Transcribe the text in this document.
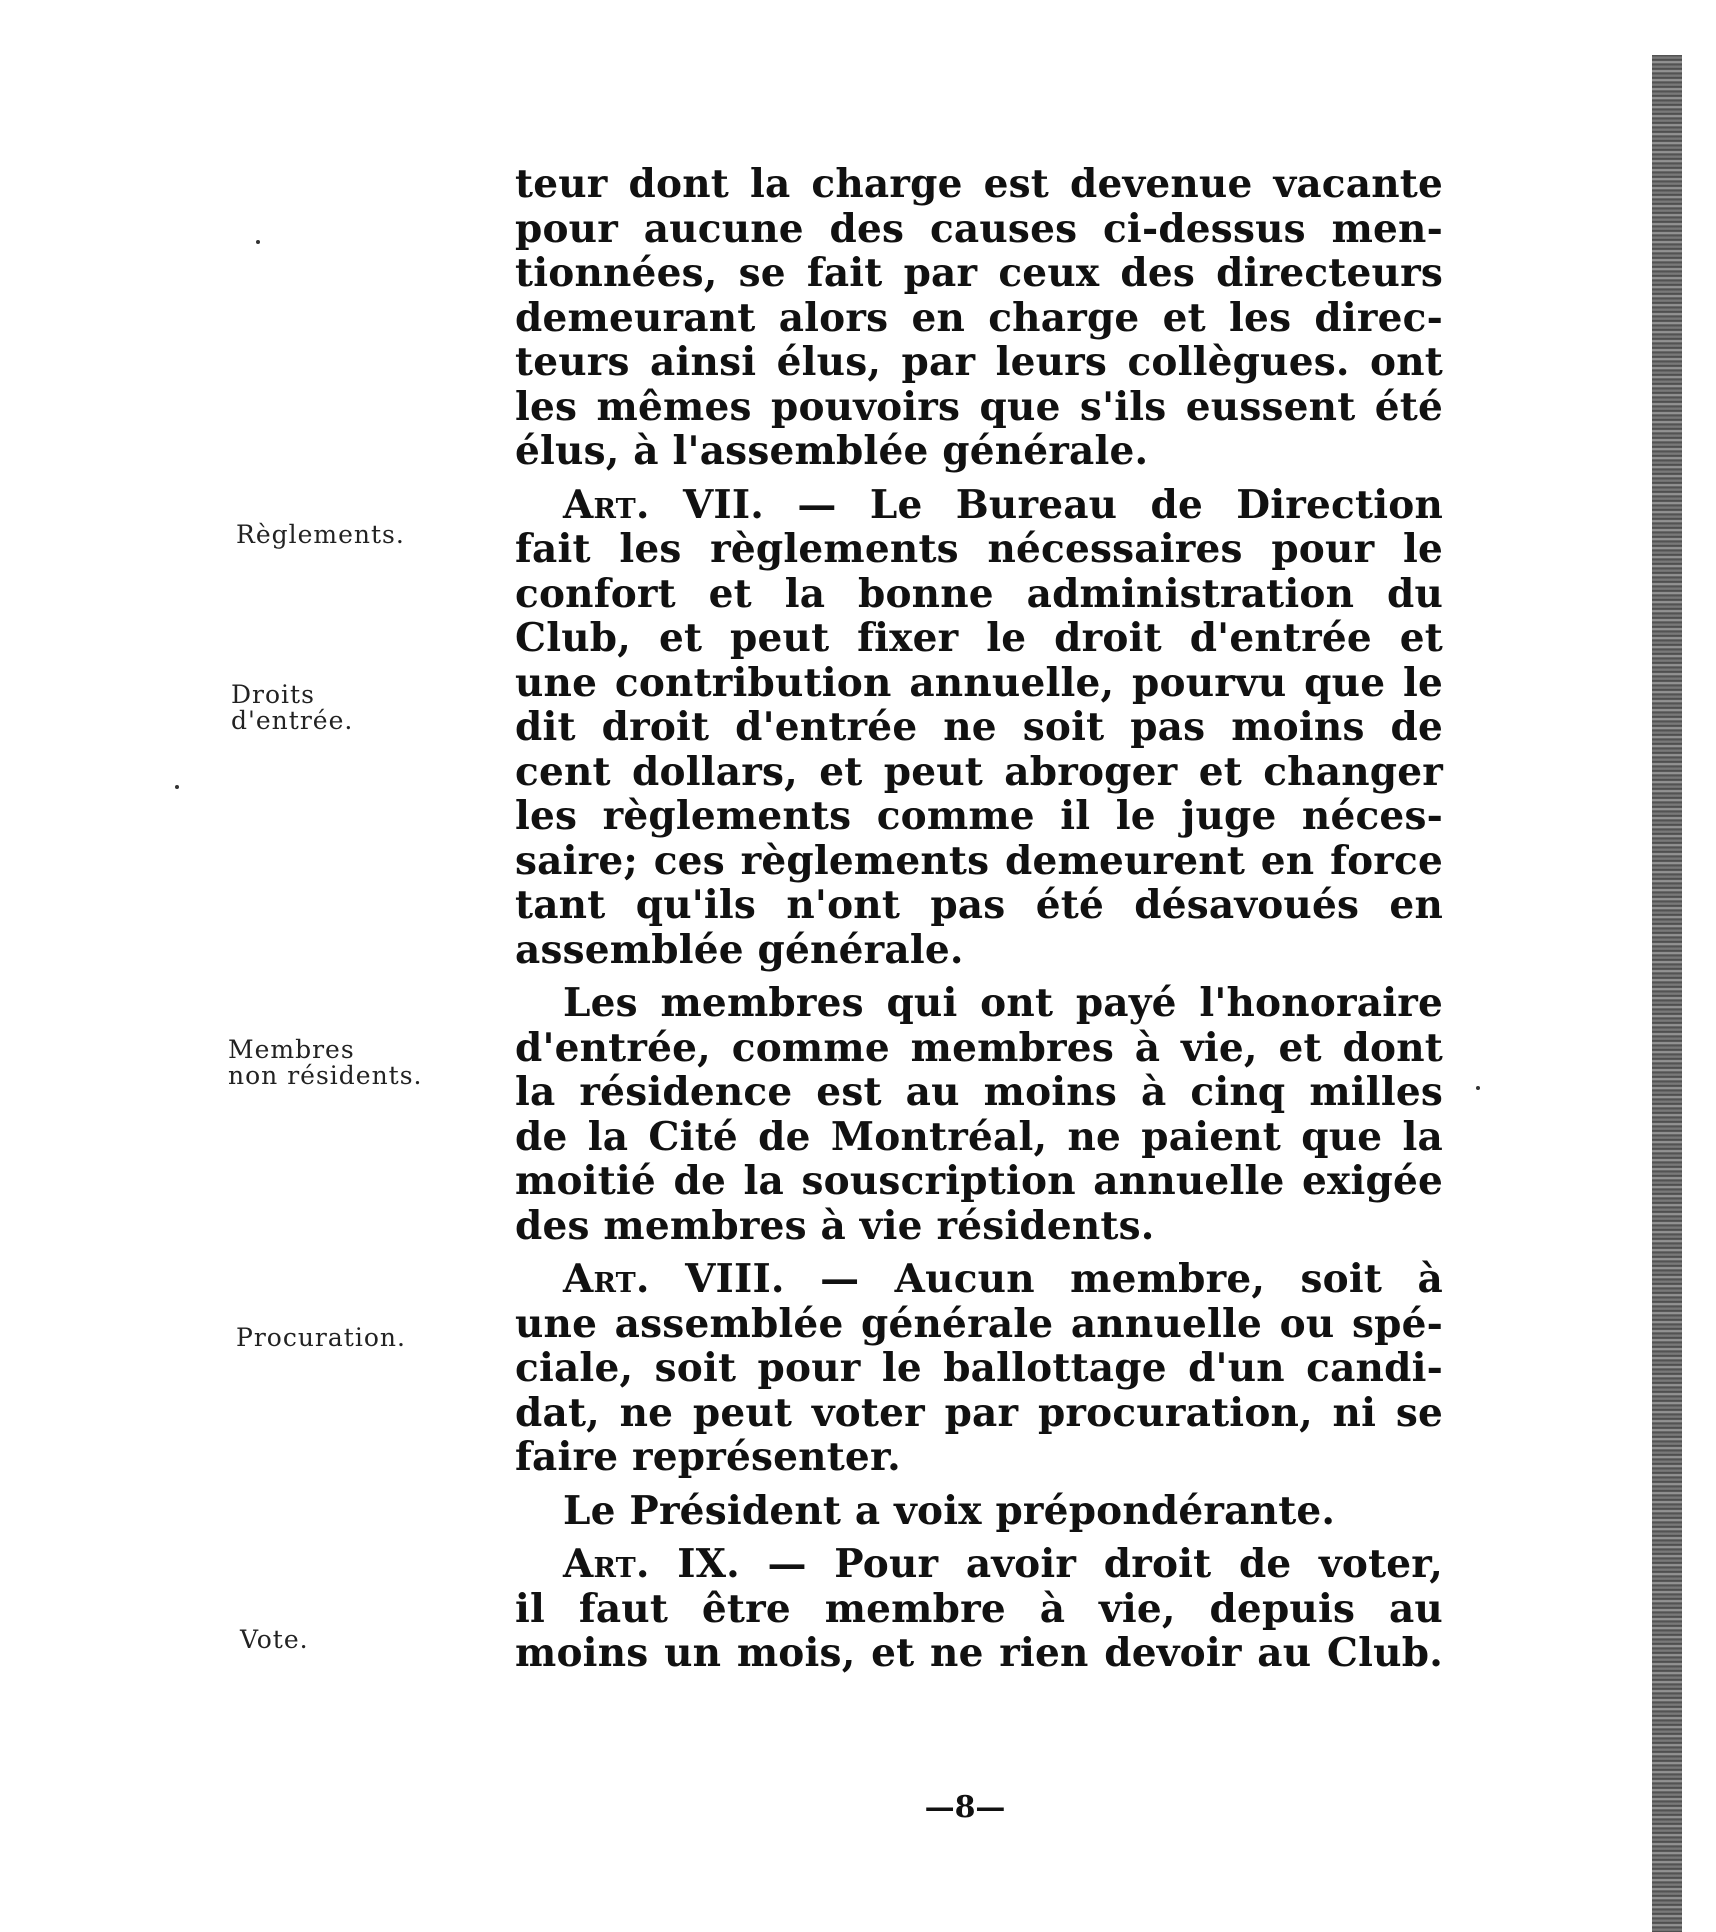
Règlements.
Droits
d'entrée.
Membres
non résidents.
Procuration.
Vote.

teur dont la charge est devenue vacante
pour aucune des causes ci-dessus men-
tionnées, se fait par ceux des directeurs
demeurant alors en charge et les direc-
teurs ainsi élus, par leurs collègues. ont
les mêmes pouvoirs que s'ils eussent été
élus, à l'assemblée générale.

Art. VII. — Le Bureau de Direction
fait les règlements nécessaires pour le
confort et la bonne administration du
Club, et peut fixer le droit d'entrée et
une contribution annuelle, pourvu que le
dit droit d'entrée ne soit pas moins de
cent dollars, et peut abroger et changer
les règlements comme il le juge néces-
saire; ces règlements demeurent en force
tant qu'ils n'ont pas été désavoués en
assemblée générale.

Les membres qui ont payé l'honoraire
d'entrée, comme membres à vie, et dont
la résidence est au moins à cinq milles
de la Cité de Montréal, ne paient que la
moitié de la souscription annuelle exigée
des membres à vie résidents.

Art. VIII. — Aucun membre, soit à
une assemblée générale annuelle ou spé-
ciale, soit pour le ballottage d'un candi-
dat, ne peut voter par procuration, ni se
faire représenter.

Le Président a voix prépondérante.

Art. IX. — Pour avoir droit de voter,
il faut être membre à vie, depuis au
moins un mois, et ne rien devoir au Club.

—8—
